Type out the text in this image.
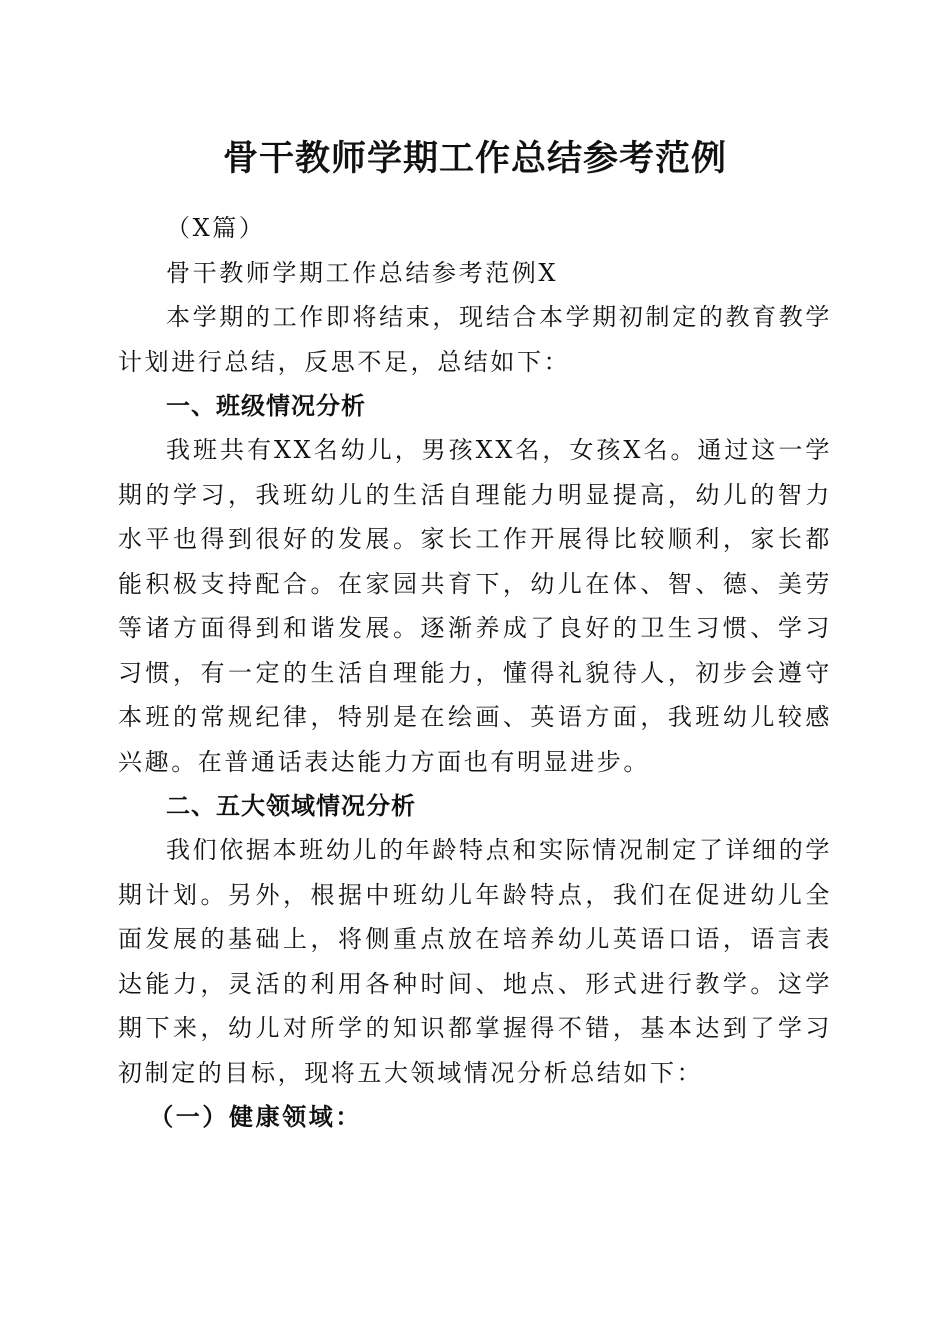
骨干教师学期工作总结参考范例

（X篇）

骨干教师学期工作总结参考范例X

本学期的工作即将结束，现结合本学期初制定的教育教学计划进行总结，反思不足，总结如下：

一、班级情况分析

我班共有XX名幼儿，男孩XX名，女孩X名。通过这一学期的学习，我班幼儿的生活自理能力明显提高，幼儿的智力水平也得到很好的发展。家长工作开展得比较顺利，家长都能积极支持配合。在家园共育下，幼儿在体、智、德、美劳等诸方面得到和谐发展。逐渐养成了良好的卫生习惯、学习习惯，有一定的生活自理能力，懂得礼貌待人，初步会遵守本班的常规纪律，特别是在绘画、英语方面，我班幼儿较感兴趣。在普通话表达能力方面也有明显进步。

二、五大领域情况分析

我们依据本班幼儿的年龄特点和实际情况制定了详细的学期计划。另外，根据中班幼儿年龄特点，我们在促进幼儿全面发展的基础上，将侧重点放在培养幼儿英语口语，语言表达能力，灵活的利用各种时间、地点、形式进行教学。这学期下来，幼儿对所学的知识都掌握得不错，基本达到了学习初制定的目标，现将五大领域情况分析总结如下：

（一）健康领域：
